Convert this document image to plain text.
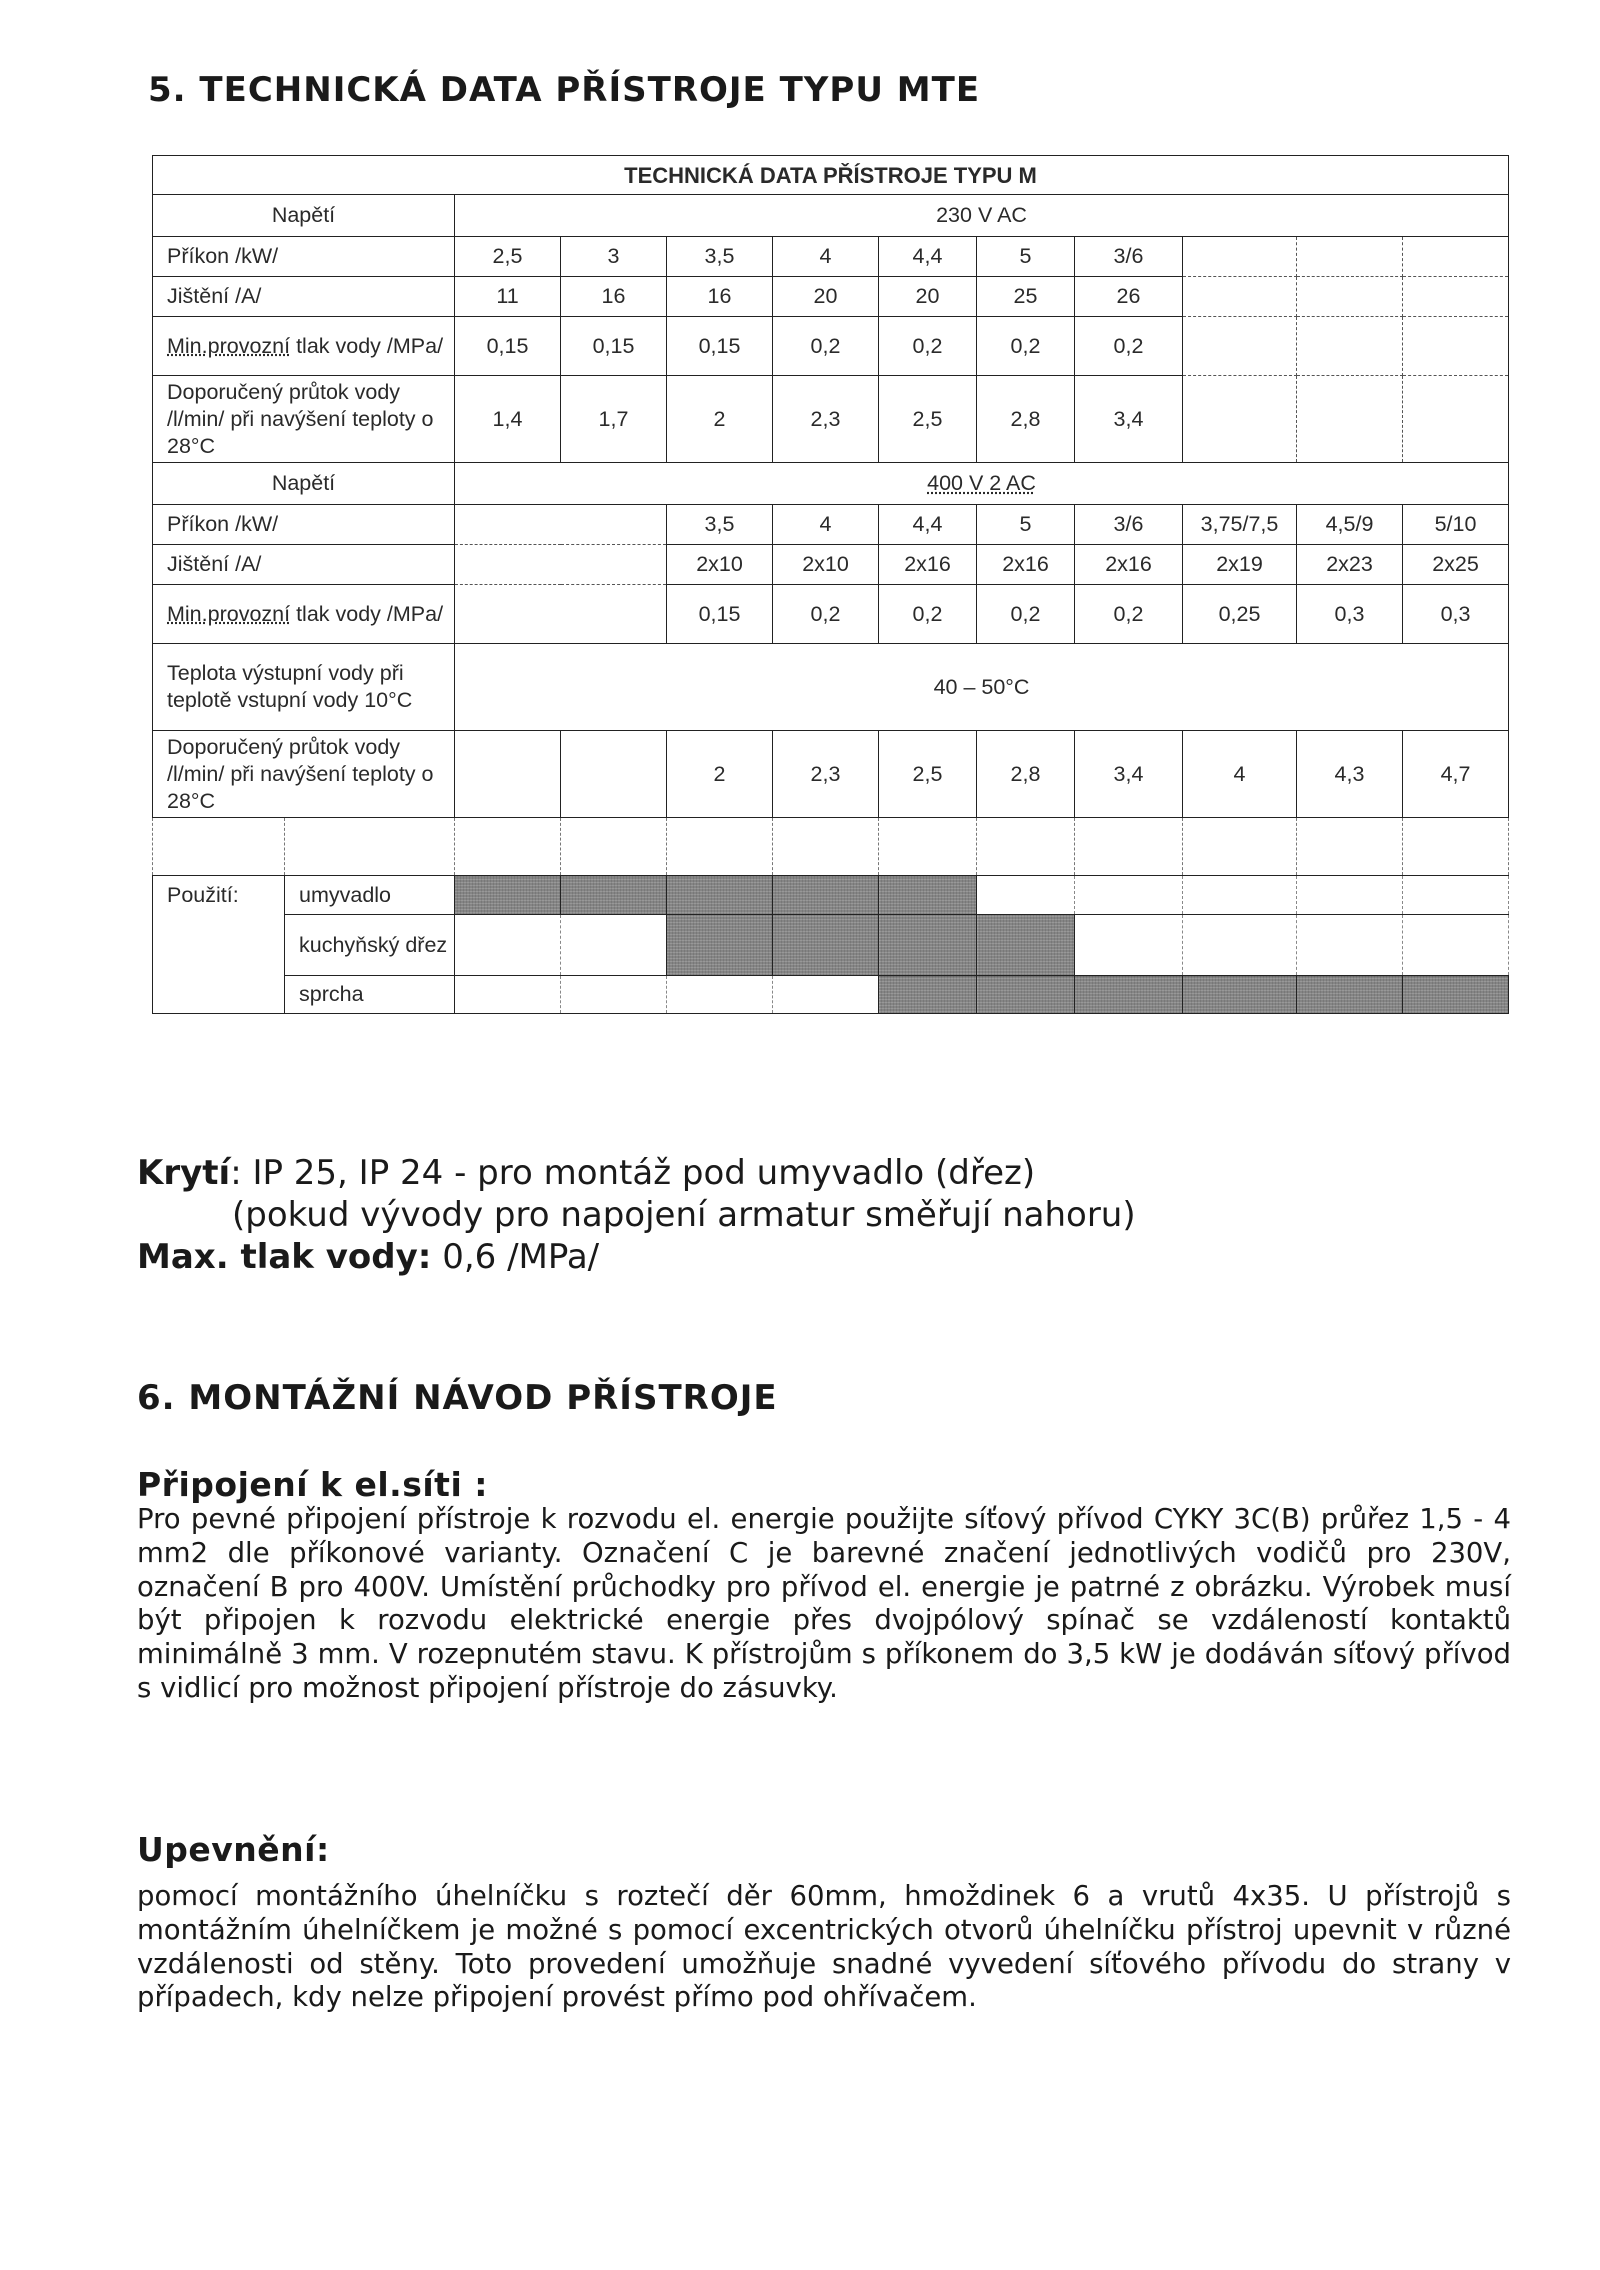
5. TECHNICKÁ DATA PŘÍSTROJE TYPU MTE
TECHNICKÁ DATA PŘÍSTROJE TYPU M											
Napětí		230 V AC									
Příkon /kW/		2,5	3	3,5	4	4,4	5	3/6			
Jištění /A/		11	16	16	20	20	25	26			
Min.provozní tlak vody /MPa/		0,15	0,15	0,15	0,2	0,2	0,2	0,2			
Doporučený průtok vody /l/min/ při navýšení teploty o 28°C		1,4	1,7	2	2,3	2,5	2,8	3,4			
Napětí		400 V 2 AC									
Příkon /kW/				3,5	4	4,4	5	3/6	3,75/7,5	4,5/9	5/10
Jištění /A/				2x10	2x10	2x16	2x16	2x16	2x19	2x23	2x25
Min.provozní tlak vody /MPa/				0,15	0,2	0,2	0,2	0,2	0,25	0,3	0,3
Teplota výstupní vody při teplotě vstupní vody 10°C		40 – 50°C									
Doporučený průtok vody /l/min/ při navýšení teploty o 28°C				2	2,3	2,5	2,8	3,4	4	4,3	4,7

Použití:	umyvadlo										
	kuchyňský dřez										
	sprcha										
Krytí: IP 25, IP 24 - pro montáž pod umyvadlo (dřez)
(pokud vývody pro napojení armatur směřují nahoru)
Max. tlak vody: 0,6 /MPa/
6. MONTÁŽNÍ NÁVOD PŘÍSTROJE
Připojení k el.síti :

Pro pevné připojení přístroje k rozvodu el. energie použijte síťový přívod CYKY 3C(B) průřez 1,5 - 4 mm2 dle příkonové varianty. Označení C je barevné značení jednotlivých vodičů pro 230V, označení B pro 400V. Umístění průchodky pro přívod el. energie je patrné z obrázku. Výrobek musí být připojen k rozvodu elektrické energie přes dvojpólový spínač se vzdáleností kontaktů minimálně 3 mm. V rozepnutém stavu. K přístrojům s příkonem do 3,5 kW je dodáván síťový přívod s vidlicí pro možnost připojení přístroje do zásuvky.

Upevnění:

pomocí montážního úhelníčku s roztečí děr 60mm, hmoždinek 6 a vrutů 4x35. U přístrojů s montážním úhelníčkem je možné s pomocí excentrických otvorů úhelníčku přístroj upevnit v různé vzdálenosti od stěny. Toto provedení umožňuje snadné vyvedení síťového přívodu do strany v případech, kdy nelze připojení provést přímo pod ohřívačem.
